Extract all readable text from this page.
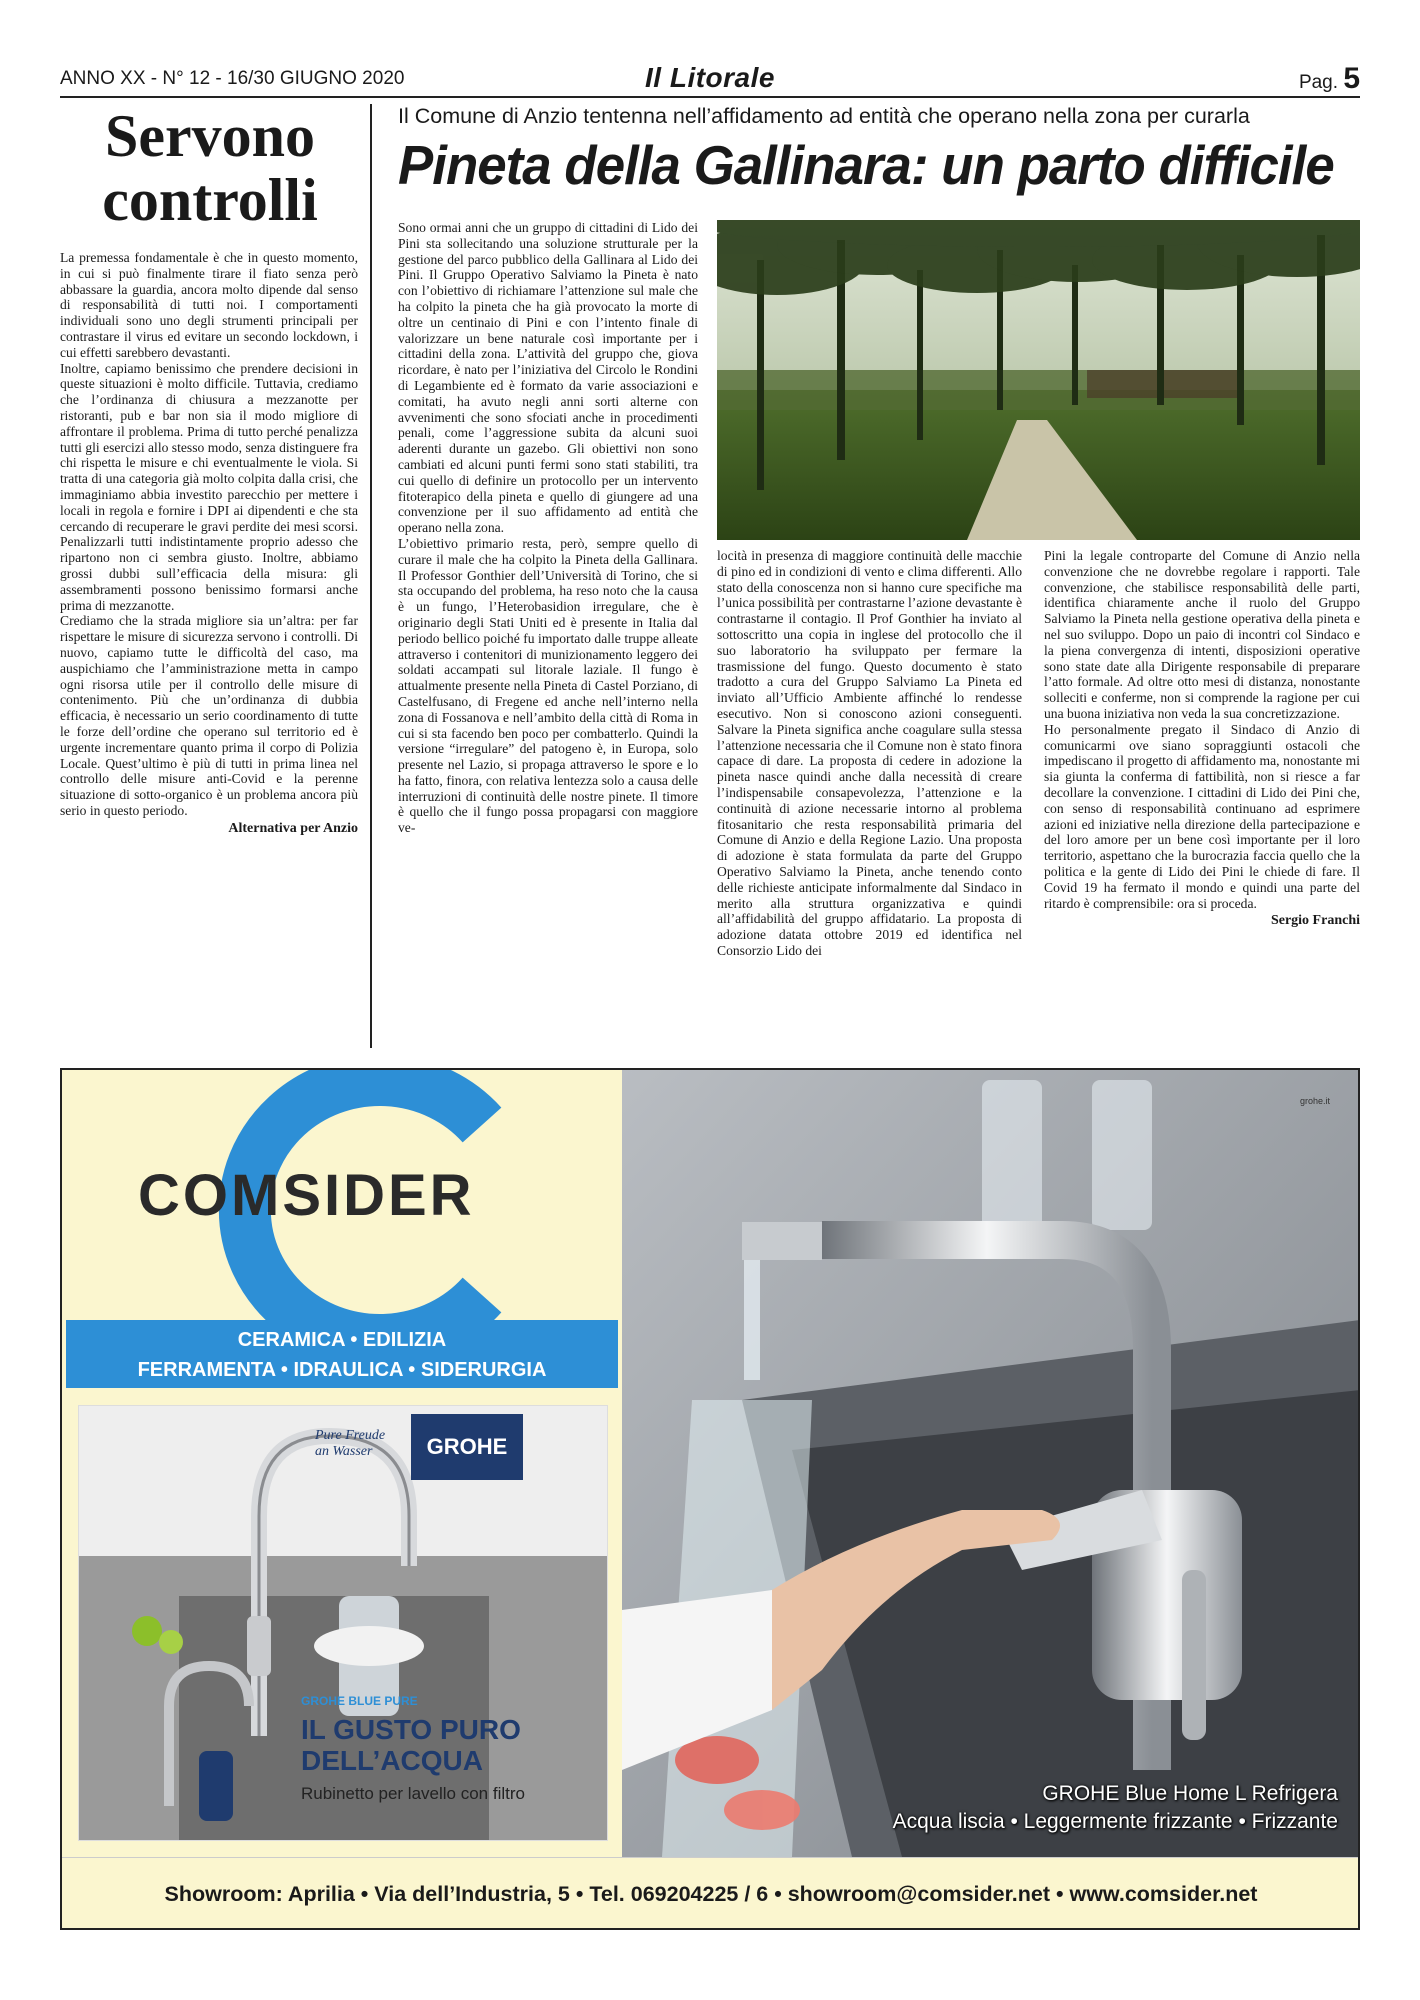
ANNO XX - N° 12 - 16/30 GIUGNO 2020	Il Litorale	Pag. 5
Servono
controlli
La premessa fondamentale è che in questo momento, in cui si può finalmente tirare il fiato senza però abbassare la guardia, ancora molto dipende dal senso di responsabilità di tutti noi. I comportamenti individuali sono uno degli strumenti principali per contrastare il virus ed evitare un secondo lockdown, i cui effetti sarebbero devastanti.
Inoltre, capiamo benissimo che prendere decisioni in queste situazioni è molto difficile. Tuttavia, crediamo che l’ordinanza di chiusura a mezzanotte per ristoranti, pub e bar non sia il modo migliore di affrontare il problema. Prima di tutto perché penalizza tutti gli esercizi allo stesso modo, senza distinguere fra chi rispetta le misure e chi eventualmente le viola. Si tratta di una categoria già molto colpita dalla crisi, che immaginiamo abbia investito parecchio per mettere i locali in regola e fornire i DPI ai dipendenti e che sta cercando di recuperare le gravi perdite dei mesi scorsi. Penalizzarli tutti indistintamente proprio adesso che ripartono non ci sembra giusto. Inoltre, abbiamo grossi dubbi sull’efficacia della misura: gli assembramenti possono benissimo formarsi anche prima di mezzanotte.
Crediamo che la strada migliore sia un’altra: per far rispettare le misure di sicurezza servono i controlli. Di nuovo, capiamo tutte le difficoltà del caso, ma auspichiamo che l’amministrazione metta in campo ogni risorsa utile per il controllo delle misure di contenimento. Più che un’ordinanza di dubbia efficacia, è necessario un serio coordinamento di tutte le forze dell’ordine che operano sul territorio ed è urgente incrementare quanto prima il corpo di Polizia Locale. Quest’ultimo è più di tutti in prima linea nel controllo delle misure anti-Covid e la perenne situazione di sotto-organico è un problema ancora più serio in questo periodo.
Alternativa per Anzio
Il Comune di Anzio tentenna nell’affidamento ad entità che operano nella zona per curarla
Pineta della Gallinara: un parto difficile
Sono ormai anni che un gruppo di cittadini di Lido dei Pini sta sollecitando una soluzione strutturale per la gestione del parco pubblico della Gallinara al Lido dei Pini. Il Gruppo Operativo Salviamo la Pineta è nato con l’obiettivo di richiamare l’attenzione sul male che ha colpito la pineta che ha già provocato la morte di oltre un centinaio di Pini e con l’intento finale di valorizzare un bene naturale così importante per i cittadini della zona. L’attività del gruppo che, giova ricordare, è nato per l’iniziativa del Circolo le Rondini di Legambiente ed è formato da varie associazioni e comitati, ha avuto negli anni sorti alterne con avvenimenti che sono sfociati anche in procedimenti penali, come l’aggressione subita da alcuni suoi aderenti durante un gazebo. Gli obiettivi non sono cambiati ed alcuni punti fermi sono stati stabiliti, tra cui quello di definire un protocollo per un intervento fitoterapico della pineta e quello di giungere ad una convenzione per il suo affidamento ad entità che operano nella zona.
L’obiettivo primario resta, però, sempre quello di curare il male che ha colpito la Pineta della Gallinara. Il Professor Gonthier dell’Università di Torino, che si sta occupando del problema, ha reso noto che la causa è un fungo, l’Heterobasidion irregulare, che è originario degli Stati Uniti ed è presente in Italia dal periodo bellico poiché fu importato dalle truppe alleate attraverso i contenitori di munizionamento leggero dei soldati accampati sul litorale laziale. Il fungo è attualmente presente nella Pineta di Castel Porziano, di Castelfusano, di Fregene ed anche nell’interno nella zona di Fossanova e nell’ambito della città di Roma in cui si sta facendo ben poco per combatterlo. Quindi la versione “irregulare” del patogeno è, in Europa, solo presente nel Lazio, si propaga attraverso le spore e lo ha fatto, finora, con relativa lentezza solo a causa delle interruzioni di continuità delle nostre pinete. Il timore è quello che il fungo possa propagarsi con maggiore ve-
locità in presenza di maggiore continuità delle macchie di pino ed in condizioni di vento e clima differenti. Allo stato della conoscenza non si hanno cure specifiche ma l’unica possibilità per contrastarne l’azione devastante è contrastarne il contagio. Il Prof Gonthier ha inviato al sottoscritto una copia in inglese del protocollo che il suo laboratorio ha sviluppato per fermare la trasmissione del fungo. Questo documento è stato tradotto a cura del Gruppo Salviamo La Pineta ed inviato all’Ufficio Ambiente affinché lo rendesse esecutivo. Non si conoscono azioni conseguenti. Salvare la Pineta significa anche coagulare sulla stessa l’attenzione necessaria che il Comune non è stato finora capace di dare. La proposta di cedere in adozione la pineta nasce quindi anche dalla necessità di creare l’indispensabile consapevolezza, l’attenzione e la continuità di azione necessarie intorno al problema fitosanitario che resta responsabilità primaria del Comune di Anzio e della Regione Lazio. Una proposta di adozione è stata formulata da parte del Gruppo Operativo Salviamo la Pineta, anche tenendo conto delle richieste anticipate informalmente dal Sindaco in merito alla struttura organizzativa e quindi all’affidabilità del gruppo affidatario. La proposta di adozione datata ottobre 2019 ed identifica nel Consorzio Lido dei
Pini la legale controparte del Comune di Anzio nella convenzione che ne dovrebbe regolare i rapporti. Tale convenzione, che stabilisce responsabilità delle parti, identifica chiaramente anche il ruolo del Gruppo Salviamo la Pineta nella gestione operativa della pineta e nel suo sviluppo. Dopo un paio di incontri col Sindaco e la piena convergenza di intenti, disposizioni operative sono state date alla Dirigente responsabile di preparare l’atto formale. Ad oltre otto mesi di distanza, nonostante solleciti e conferme, non si comprende la ragione per cui una buona iniziativa non veda la sua concretizzazione.
Ho personalmente pregato il Sindaco di Anzio di comunicarmi ove siano sopraggiunti ostacoli che impediscano il progetto di affidamento ma, nonostante mi sia giunta la conferma di fattibilità, non si riesce a far decollare la convenzione. I cittadini di Lido dei Pini che, con senso di responsabilità continuano ad esprimere azioni ed iniziative nella direzione della partecipazione e del loro amore per un bene così importante per il loro territorio, aspettano che la burocrazia faccia quello che la politica e la gente di Lido dei Pini le chiede di fare. Il Covid 19 ha fermato il mondo e quindi una parte del ritardo è comprensibile: ora si proceda.
Sergio Franchi
COMSIDER
CERAMICA • EDILIZIA
FERRAMENTA • IDRAULICA • SIDERURGIA
Pure Freude
an Wasser	GROHE
GROHE BLUE PURE
IL GUSTO PURO
DELL’ACQUA
Rubinetto per lavello con filtro
grohe.it
GROHE Blue Home L Refrigera
Acqua liscia • Leggermente frizzante • Frizzante
Showroom: Aprilia • Via dell’Industria, 5 • Tel. 069204225 / 6 • showroom@comsider.net • www.comsider.net
